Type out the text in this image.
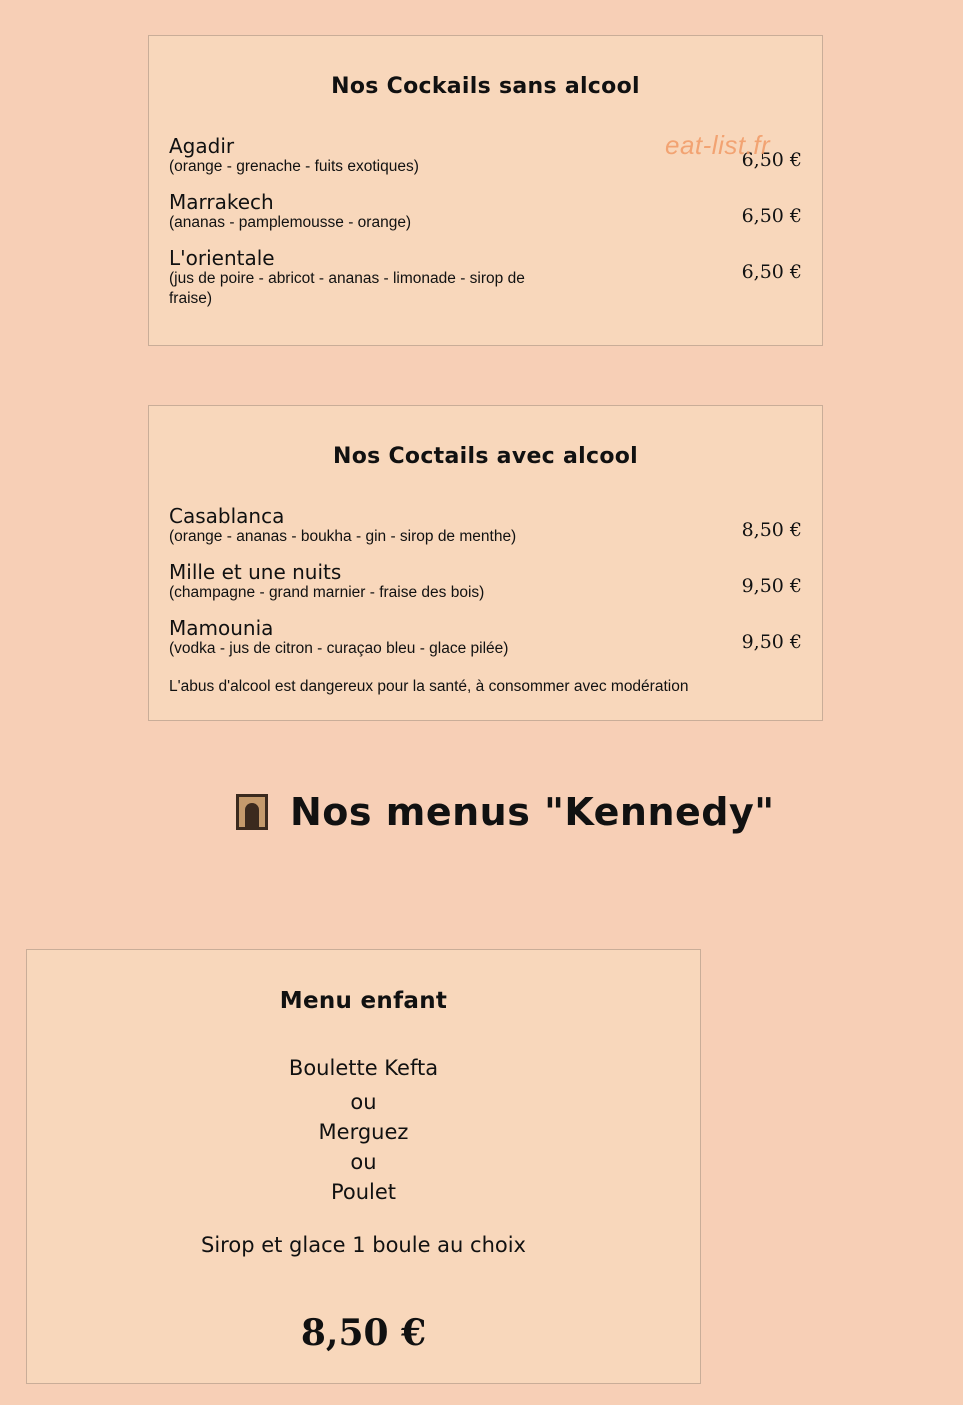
Nos Cockails sans alcool
Agadir
(orange - grenache - fuits exotiques)	6,50 €
Marrakech
(ananas - pamplemousse - orange)	6,50 €
L'orientale
(jus de poire - abricot - ananas - limonade - sirop de fraise)
6,50 €
eat-list.fr
Nos Coctails avec alcool
Casablanca
(orange - ananas - boukha - gin - sirop de menthe)	8,50 €
Mille et une nuits
(champagne - grand marnier - fraise des bois)	9,50 €
Mamounia
(vodka - jus de citron - curaçao bleu - glace pilée)	9,50 €
L'abus d'alcool est dangereux pour la santé, à consommer avec modération
Nos menus "Kennedy"
Menu enfant
Boulette Kefta
ou
Merguez
ou
Poulet
Sirop et glace 1 boule au choix
8,50 €
